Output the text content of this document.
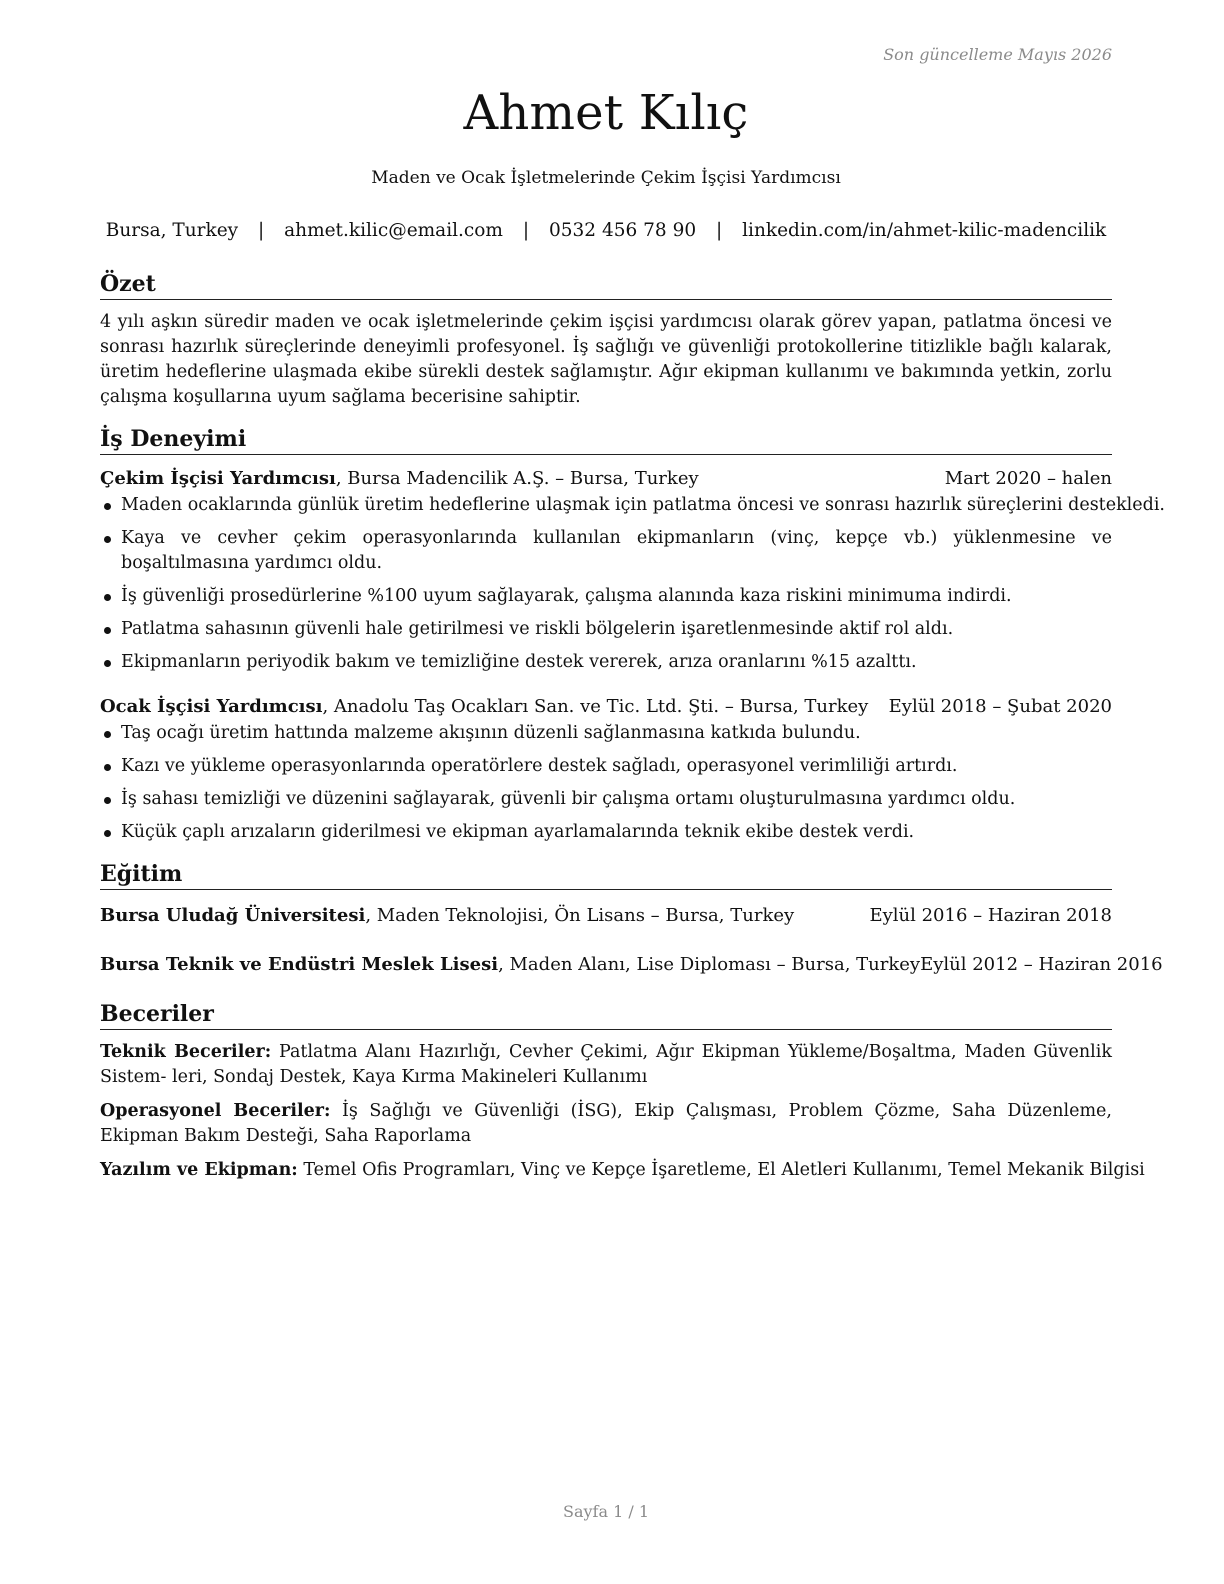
Son güncelleme Mayıs 2026
Ahmet Kılıç
Maden ve Ocak İşletmelerinde Çekim İşçisi Yardımcısı
Bursa, Turkey | ahmet.kilic@email.com | 0532 456 78 90 | linkedin.com/in/ahmet-kilic-madencilik
Özet

4 yılı aşkın süredir maden ve ocak işletmelerinde çekim işçisi yardımcısı olarak görev yapan, patlatma öncesi ve sonrası hazırlık süreçlerinde deneyimli profesyonel. İş sağlığı ve güvenliği protokollerine titizlikle bağlı kalarak, üretim hedeflerine ulaşmada ekibe sürekli destek sağlamıştır. Ağır ekipman kullanımı ve bakımında yetkin, zorlu çalışma koşullarına uyum sağlama becerisine sahiptir.

İş Deneyimi
Çekim İşçisi Yardımcısı, Bursa Madencilik A.Ş. – Bursa, Turkey	Mart 2020 – halen
Maden ocaklarında günlük üretim hedeflerine ulaşmak için patlatma öncesi ve sonrası hazırlık süreçlerini destekledi.
Kaya ve cevher çekim operasyonlarında kullanılan ekipmanların (vinç, kepçe vb.) yüklenmesine ve boşaltılmasına yardımcı oldu.
İş güvenliği prosedürlerine %100 uyum sağlayarak, çalışma alanında kaza riskini minimuma indirdi.
Patlatma sahasının güvenli hale getirilmesi ve riskli bölgelerin işaretlenmesinde aktif rol aldı.
Ekipmanların periyodik bakım ve temizliğine destek vererek, arıza oranlarını %15 azalttı.
Ocak İşçisi Yardımcısı, Anadolu Taş Ocakları San. ve Tic. Ltd. Şti. – Bursa, Turkey Eylül 2018 – Şubat 2020
Taş ocağı üretim hattında malzeme akışının düzenli sağlanmasına katkıda bulundu.
Kazı ve yükleme operasyonlarında operatörlere destek sağladı, operasyonel verimliliği artırdı.
İş sahası temizliği ve düzenini sağlayarak, güvenli bir çalışma ortamı oluşturulmasına yardımcı oldu.
Küçük çaplı arızaların giderilmesi ve ekipman ayarlamalarında teknik ekibe destek verdi.
Eğitim
Bursa Uludağ Üniversitesi, Maden Teknolojisi, Ön Lisans – Bursa, Turkey	Eylül 2016 – Haziran 2018
Bursa Teknik ve Endüstri Meslek Lisesi, Maden Alanı, Lise Diploması – Bursa, Turkey Eylül 2012 – Haziran 2016
Beceriler

Teknik Beceriler: Patlatma Alanı Hazırlığı, Cevher Çekimi, Ağır Ekipman Yükleme/Boşaltma, Maden Güvenlik Sistem- leri, Sondaj Destek, Kaya Kırma Makineleri Kullanımı

Operasyonel Beceriler: İş Sağlığı ve Güvenliği (İSG), Ekip Çalışması, Problem Çözme, Saha Düzenleme, Ekipman Bakım Desteği, Saha Raporlama

Yazılım ve Ekipman: Temel Ofis Programları, Vinç ve Kepçe İşaretleme, El Aletleri Kullanımı, Temel Mekanik Bilgisi

Sayfa 1 / 1
